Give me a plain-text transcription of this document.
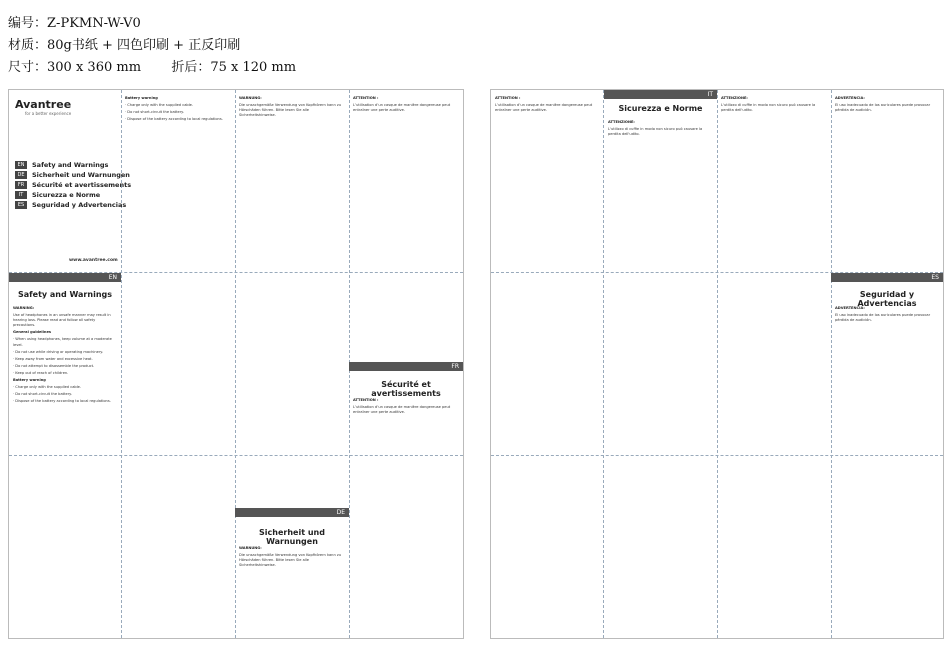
编号：Z-PKMN-W-V0
材质：80g书纸 + 四色印刷 + 正反印刷
尺寸：300 x 360 mm 折后：75 x 120 mm
Avantree
for a better experience
EN	Safety and Warnings
DE	Sicherheit und Warnungen
FR	Sécurité et avertissements
IT	Sicurezza e Norme
ES	Seguridad y Advertencias
www.avantree.com
EN
Safety and Warnings

WARNING:

Use of headphones in an unsafe manner may result in hearing loss. Please read and follow all safety precautions.

General guidelines

· When using headphones, keep volume at a moderate level.

· Do not use while driving or operating machinery.

· Keep away from water and excessive heat.

· Do not attempt to disassemble the product.

· Keep out of reach of children.

Battery warning

· Charge only with the supplied cable.

· Do not short-circuit the battery.

· Dispose of the battery according to local regulations.

Battery warning

· Charge only with the supplied cable.

· Do not short-circuit the battery.

· Dispose of the battery according to local regulations.

WARNUNG:

Die unsachgemäße Verwendung von Kopfhörern kann zu Hörschäden führen. Bitte lesen Sie alle Sicherheitshinweise.

ATTENTION :

L’utilisation d’un casque de manière dangereuse peut entraîner une perte auditive.

DE
Sicherheit und Warnungen

WARNUNG:

Die unsachgemäße Verwendung von Kopfhörern kann zu Hörschäden führen. Bitte lesen Sie alle Sicherheitshinweise.

FR
Sécurité et avertissements

ATTENTION :

L’utilisation d’un casque de manière dangereuse peut entraîner une perte auditive.

IT
Sicurezza e Norme

ATTENZIONE:

L'utilizzo di cuffie in modo non sicuro può causare la perdita dell'udito.

ATTENTION :

L’utilisation d’un casque de manière dangereuse peut entraîner une perte auditive.

ATTENZIONE:

L'utilizzo di cuffie in modo non sicuro può causare la perdita dell'udito.

ADVERTENCIA:

El uso inadecuado de los auriculares puede provocar pérdida de audición.

ES
Seguridad y Advertencias

ADVERTENCIA:

El uso inadecuado de los auriculares puede provocar pérdida de audición.
